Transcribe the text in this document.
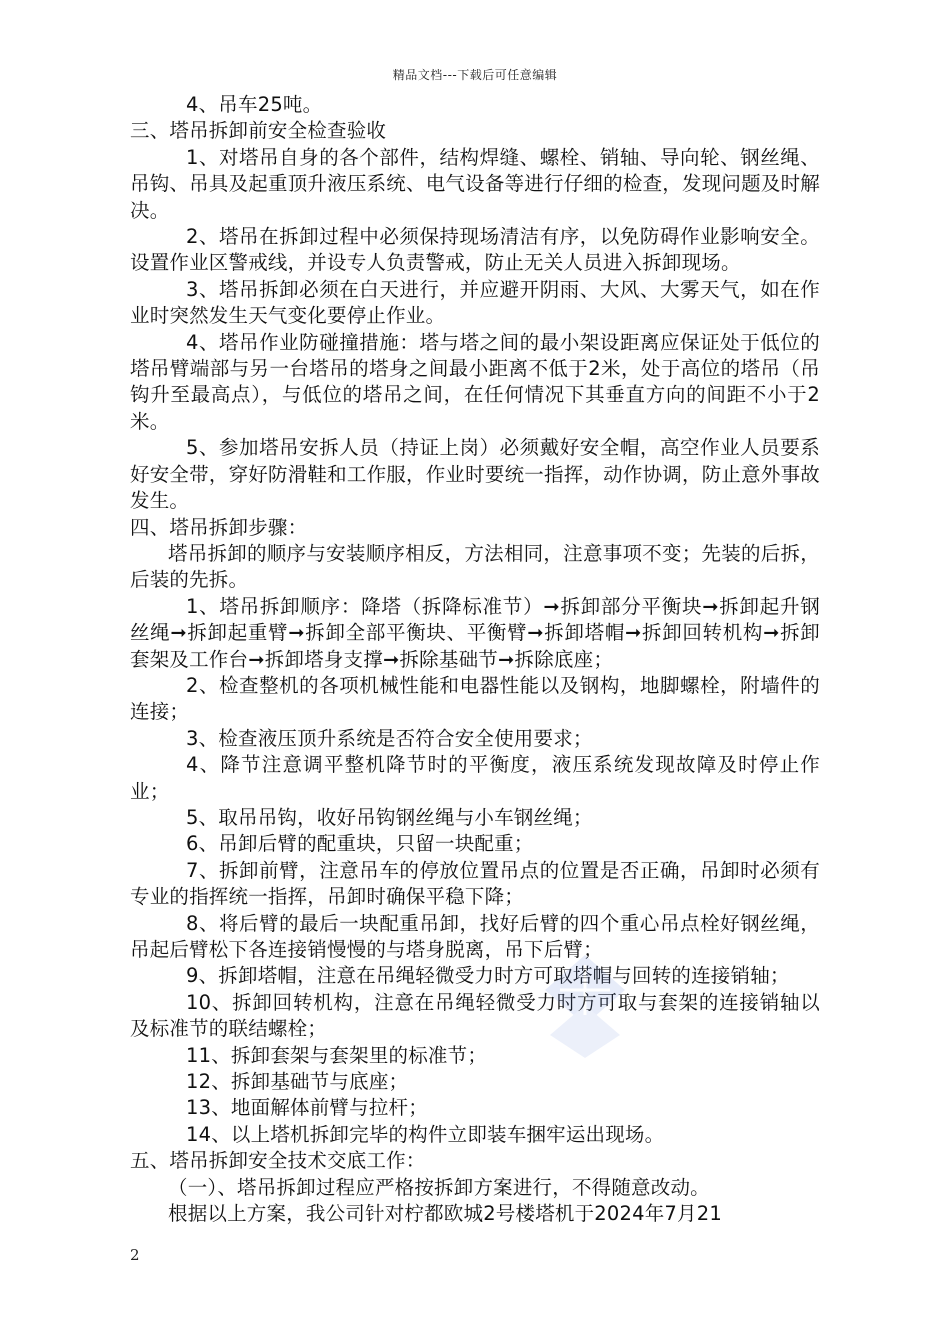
精品文档---下载后可任意编辑

4、吊车25吨。

三、塔吊拆卸前安全检查验收

1、对塔吊自身的各个部件，结构焊缝、螺栓、销轴、导向轮、钢丝绳、吊钩、吊具及起重顶升液压系统、电气设备等进行仔细的检查，发现问题及时解决。

2、塔吊在拆卸过程中必须保持现场清洁有序，以免防碍作业影响安全。设置作业区警戒线，并设专人负责警戒，防止无关人员进入拆卸现场。

3、塔吊拆卸必须在白天进行，并应避开阴雨、大风、大雾天气，如在作业时突然发生天气变化要停止作业。

4、塔吊作业防碰撞措施：塔与塔之间的最小架设距离应保证处于低位的塔吊臂端部与另一台塔吊的塔身之间最小距离不低于2米，处于高位的塔吊（吊钩升至最高点），与低位的塔吊之间，在任何情况下其垂直方向的间距不小于2米。

5、参加塔吊安拆人员（持证上岗）必须戴好安全帽，高空作业人员要系好安全带，穿好防滑鞋和工作服，作业时要统一指挥，动作协调，防止意外事故发生。

四、塔吊拆卸步骤：

塔吊拆卸的顺序与安装顺序相反，方法相同，注意事项不变；先装的后拆，后装的先拆。

1、塔吊拆卸顺序：降塔（拆降标准节）➞拆卸部分平衡块➞拆卸起升钢丝绳➞拆卸起重臂➞拆卸全部平衡块、平衡臂➞拆卸塔帽➞拆卸回转机构➞拆卸套架及工作台➞拆卸塔身支撑➞拆除基础节➞拆除底座；

2、检查整机的各项机械性能和电器性能以及钢构，地脚螺栓，附墙件的连接；

3、检查液压顶升系统是否符合安全使用要求；

4、降节注意调平整机降节时的平衡度，液压系统发现故障及时停止作业；

5、取吊吊钩，收好吊钩钢丝绳与小车钢丝绳；

6、吊卸后臂的配重块，只留一块配重；

7、拆卸前臂，注意吊车的停放位置吊点的位置是否正确，吊卸时必须有专业的指挥统一指挥，吊卸时确保平稳下降；

8、将后臂的最后一块配重吊卸，找好后臂的四个重心吊点栓好钢丝绳，吊起后臂松下各连接销慢慢的与塔身脱离，吊下后臂；

9、拆卸塔帽，注意在吊绳轻微受力时方可取塔帽与回转的连接销轴；

10、拆卸回转机构，注意在吊绳轻微受力时方可取与套架的连接销轴以及标准节的联结螺栓；

11、拆卸套架与套架里的标准节；

12、拆卸基础节与底座；

13、地面解体前臂与拉杆；

14、以上塔机拆卸完毕的构件立即装车捆牢运出现场。

五、塔吊拆卸安全技术交底工作：

（一）、塔吊拆卸过程应严格按拆卸方案进行，不得随意改动。

根据以上方案，我公司针对柠都欧城2号楼塔机于2024年7月21

2
